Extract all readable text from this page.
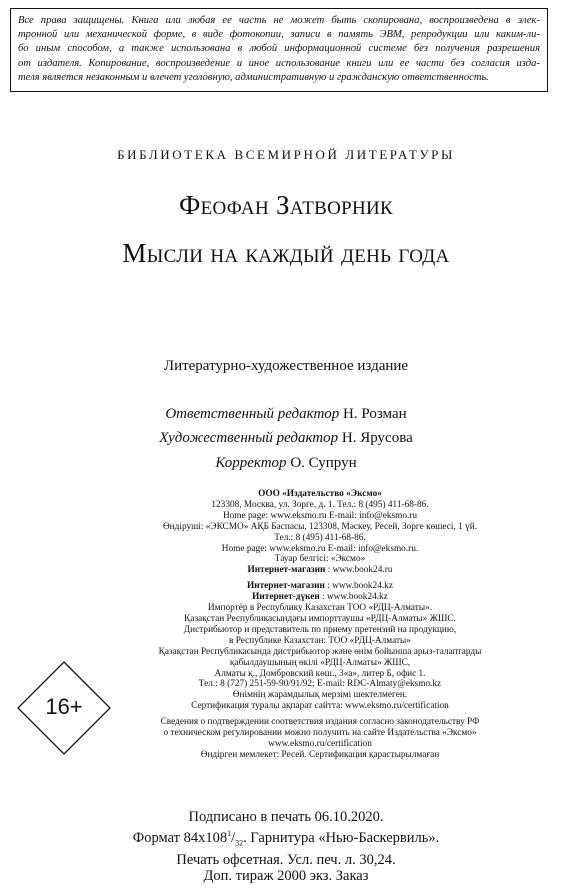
Все права защищены. Книга или любая ее часть не может быть скопирована, воспроизведена в элек-
тронной или механической форме, в виде фотокопии, записи в память ЭВМ, репродукции или каким-ли-
бо иным способом, а также использована в любой информационной системе без получения разрешения
от издателя. Копирование, воспроизведение и иное использование книги или ее части без согласия изда-
теля является незаконным и влечет уголовную, административную и гражданскую ответственность.
БИБЛИОТЕКА ВСЕМИРНОЙ ЛИТЕРАТУРЫ
Феофан Затворник
Мысли на каждый день года
Литературно-художественное издание
Ответственный редактор Н. Розман
Художественный редактор Н. Ярусова
Корректор О. Супрун
ООО «Издательство «Эксмо»
123308, Москва, ул. Зорге, д. 1. Тел.: 8 (495) 411-68-86.
Home page: www.eksmo.ru E-mail: info@eksmo.ru
Өндіруші: «ЭКСМО» АҚБ Баспасы, 123308, Мәскеу, Ресей, Зорге көшесі, 1 үй.
Тел.: 8 (495) 411-68-86.
Home page: www.eksmo.ru E-mail: info@eksmo.ru.
Тауар белгісі: «Эксмо»
Интернет-магазин : www.book24.ru
Интернет-магазин : www.book24.kz
Интернет-дүкен : www.book24.kz
Импортёр в Республику Казахстан ТОО «РДЦ-Алматы».
Қазақстан Республикасындағы импорттаушы «РДЦ-Алматы» ЖШС.
Дистрибьютор и представитель по приему претензий на продукцию,
в Республике Казахстан: ТОО «РДЦ-Алматы»
Қазақстан Республикасында дистрибьютор және өнім бойынша арыз-талаптарды
қабылдаушының өкілі «РДЦ-Алматы» ЖШС,
Алматы қ., Домбровский көш., 3«а», литер Б, офис 1.
Тел.: 8 (727) 251-59-90/91/92; E-mail: RDC-Almaty@eksmo.kz
Өнімнің жарамдылық мерзімі шектелмеген.
Сертификация туралы ақпарат сайтта: www.eksmo.ru/certification
Сведения о подтверждении соответствия издания согласно законодательству РФ
о техническом регулировании можно получить на сайте Издательства «Эксмо»
www.eksmo.ru/certification
Өндірген мемлекет: Ресей. Сертификация қарастырылмаған
16+
Подписано в печать 06.10.2020.
Формат $84x108^1/_{32}$. Гарнитура «Нью-Баскервиль».
Печать офсетная. Усл. печ. л. 30,24.
Доп. тираж 2000 экз. Заказ
